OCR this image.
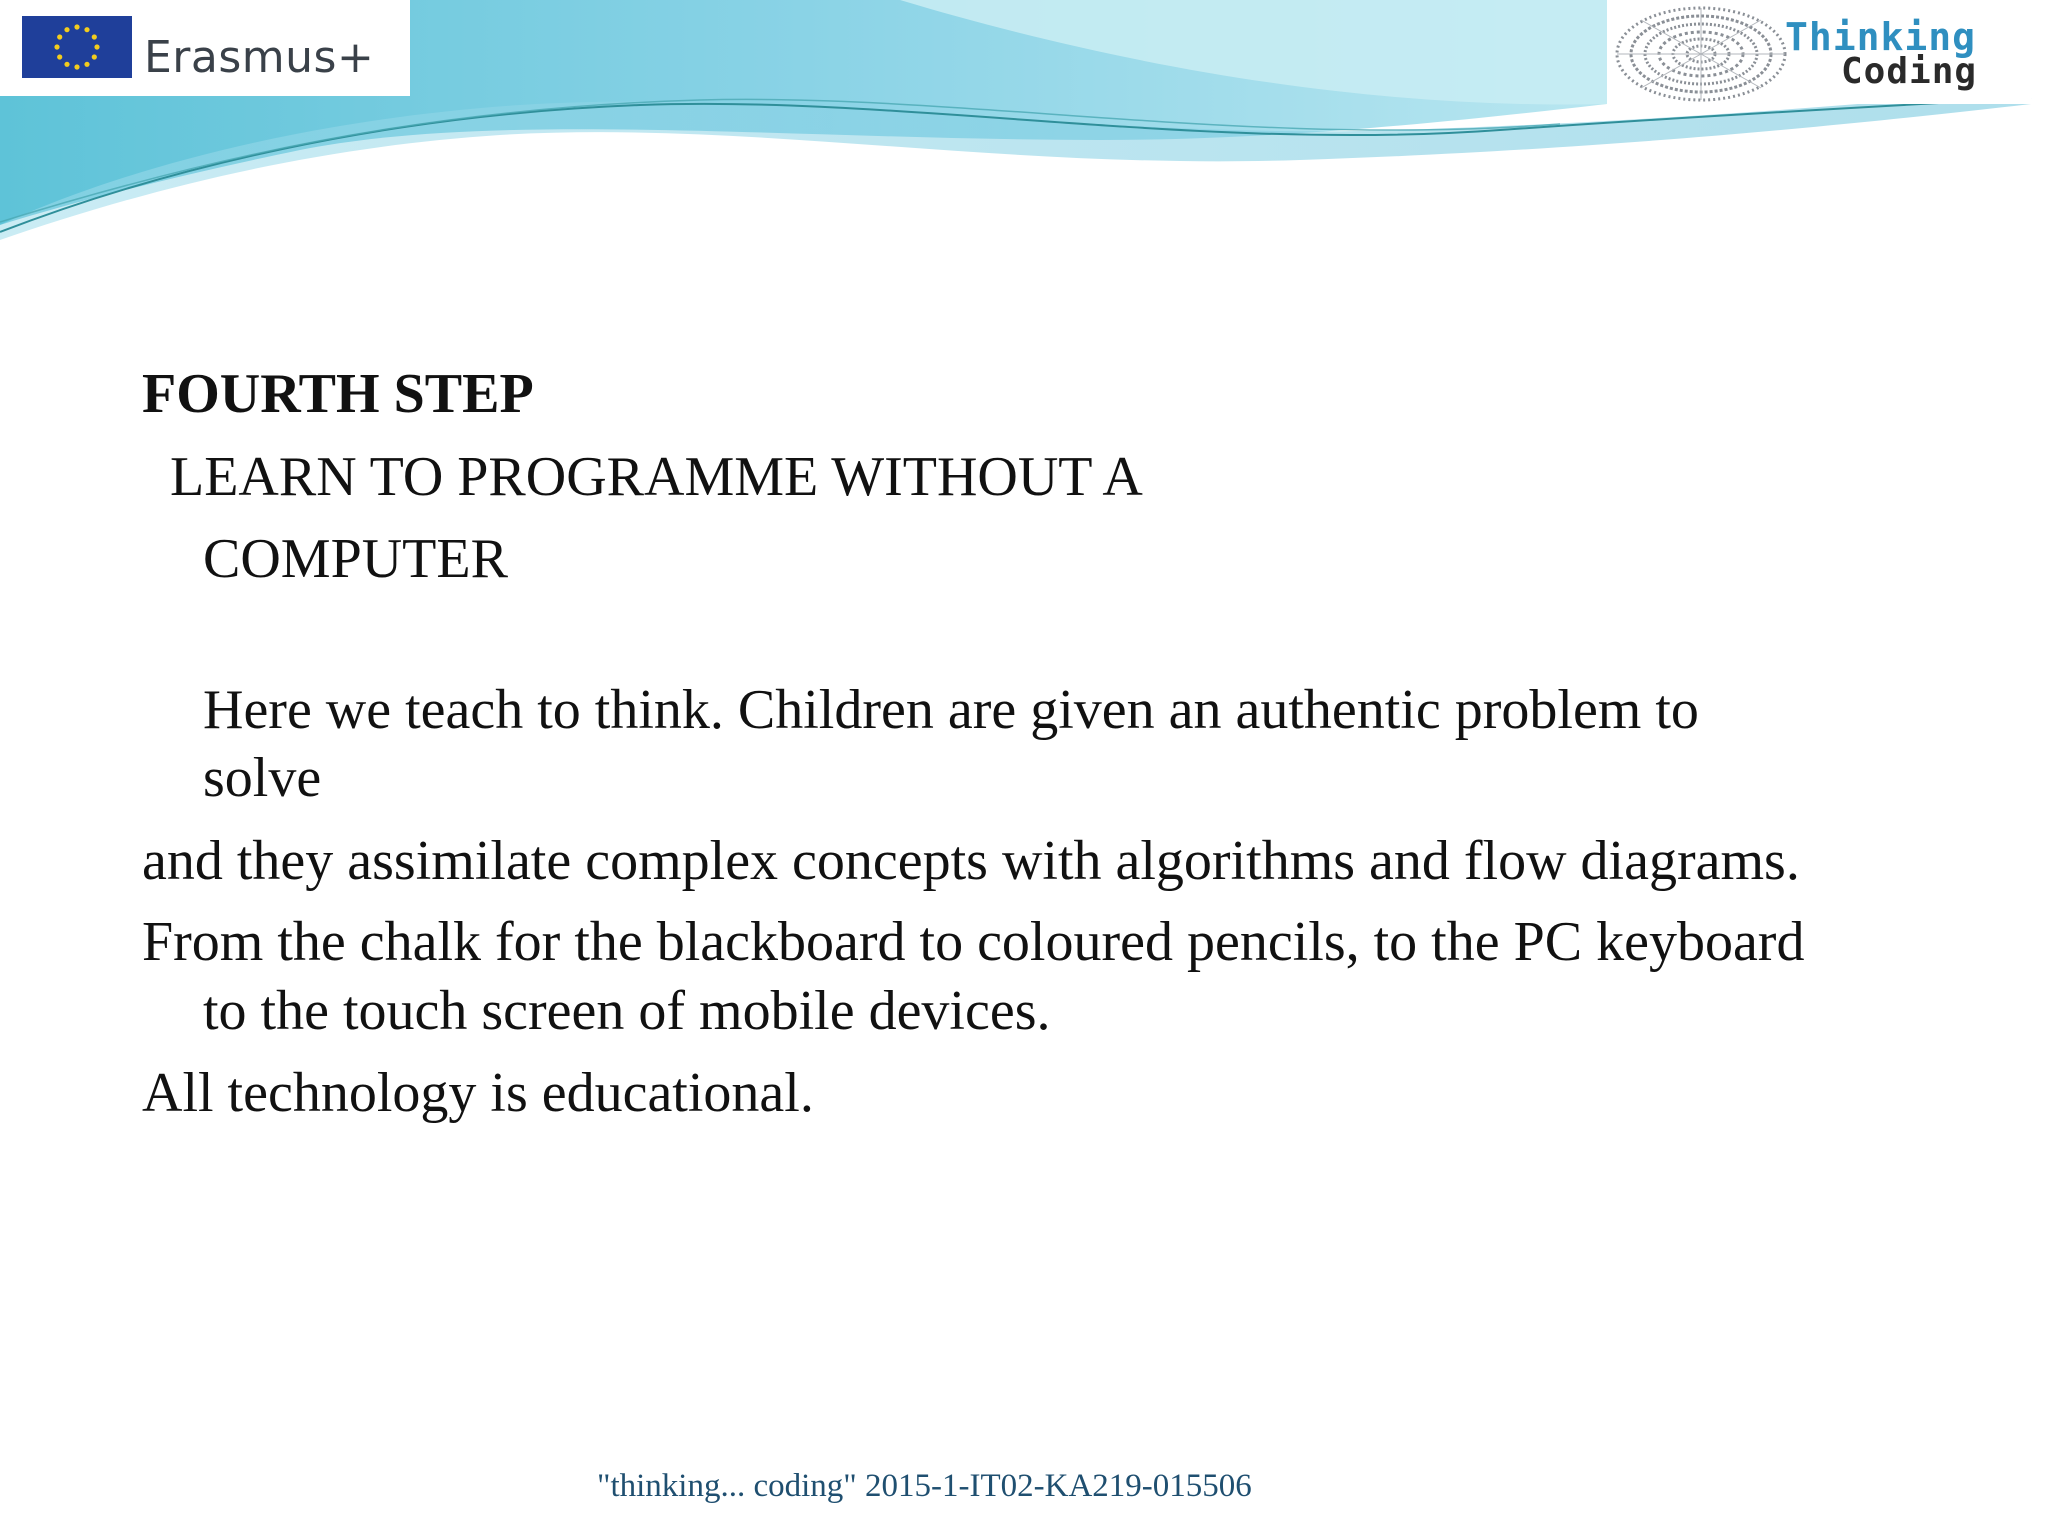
Erasmus+	Thinking
Coding
FOURTH STEP
LEARN TO PROGRAMME WITHOUT A
COMPUTER
Here we teach to think. Children are given an authentic problem to
solve
and they assimilate complex concepts with algorithms and flow diagrams.
From the chalk for the blackboard to coloured pencils, to the PC keyboard
to the touch screen of mobile devices.
All technology is educational.
"thinking... coding" 2015-1-IT02-KA219-015506
